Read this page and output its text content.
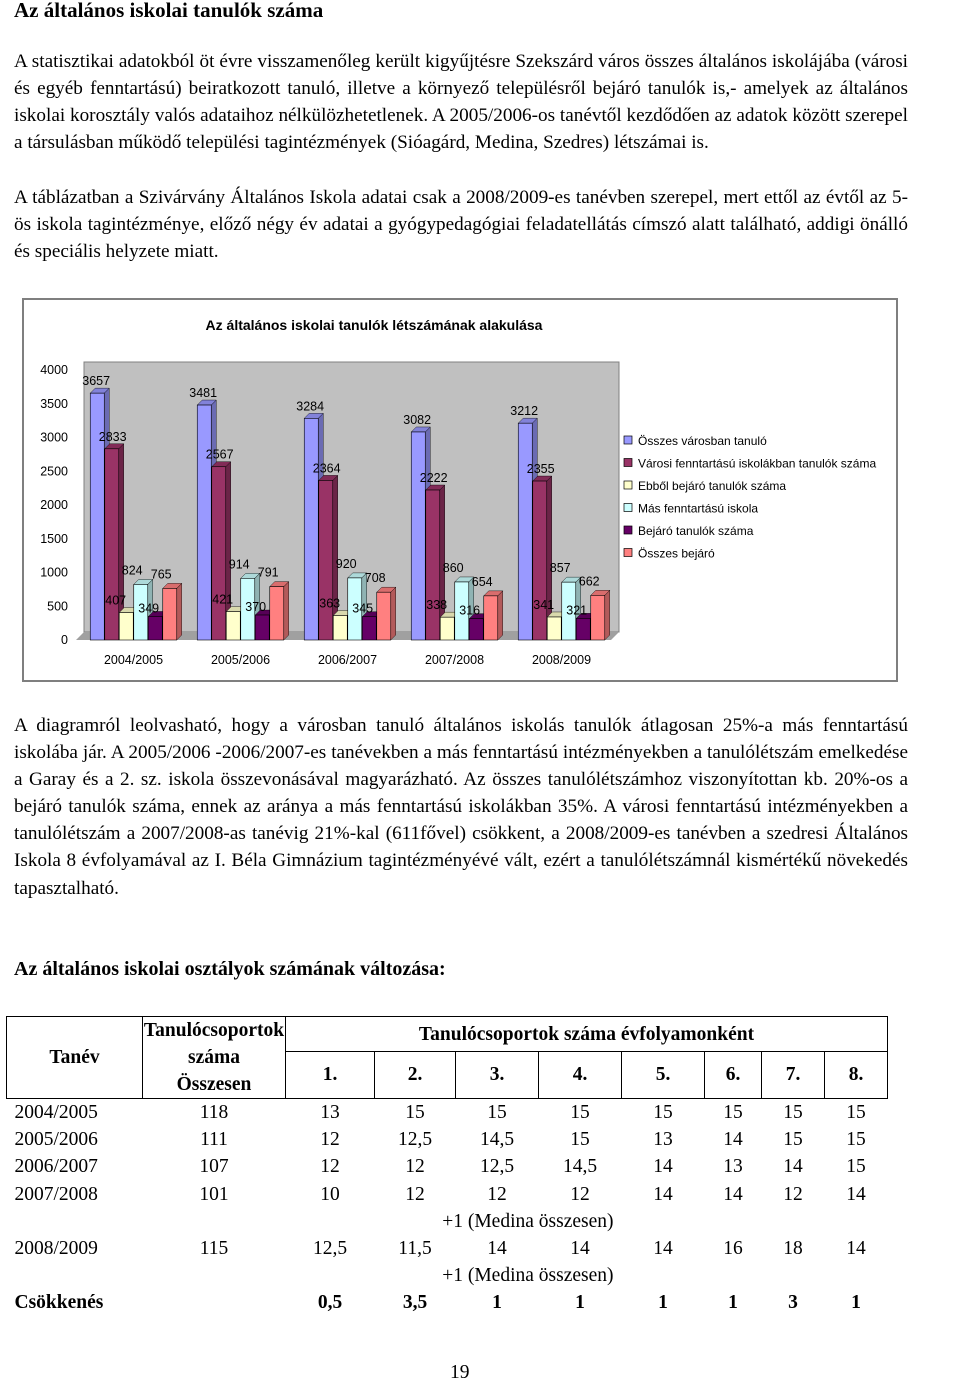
Az általános iskolai tanulók száma

A statisztikai adatokból öt évre visszamenőleg került kigyűjtésre Szekszárd város összes általános iskolájába (városi és egyéb fenntartású) beiratkozott tanuló, illetve a környező településről bejáró tanulók is,- amelyek az általános iskolai korosztály valós adataihoz nélkülözhetetlenek. A 2005/2006-os tanévtől kezdődően az adatok között szerepel a társulásban működő települési tagintézmények (Sióagárd, Medina, Szedres) létszámai is.

A táblázatban a Szivárvány Általános Iskola adatai csak a 2008/2009-es tanévben szerepel, mert ettől az évtől az 5-ös iskola tagintézménye, előző négy év adatai a gyógypedagógiai feladatellátás címszó alatt található, addigi önálló és speciális helyzete miatt.

Az általános iskolai tanulók létszámának alakulása
0
500
1000
1500
2000
2500
3000
3500
4000
3657
2833
407
824
349
765
2004/2005
3481
2567
421
914
370
791
2005/2006
3284
2364
363
920
345
708
2006/2007
3082
2222
338
860
316
654
2007/2008
3212
2355
341
857
321
662
2008/2009
Összes városban tanuló
Városi fenntartású iskolákban tanulók száma
Ebből bejáró tanulók száma
Más fenntartású iskola
Bejáró tanulók száma
Összes bejáró

A diagramról leolvasható, hogy a városban tanuló általános iskolás tanulók átlagosan 25%-a más fenntartású iskolába jár. A 2005/2006 -2006/2007-es tanévekben a más fenntartású intézményekben a tanulólétszám emelkedése a Garay és a 2. sz. iskola összevonásával magyarázható. Az összes tanulólétszámhoz viszonyítottan kb. 20%-os a bejáró tanulók száma, ennek az aránya a más fenntartású iskolákban 35%. A városi fenntartású intézményekben a tanulólétszám a 2007/2008-as tanévig 21%-kal (611fővel) csökkent, a 2008/2009-es tanévben a szedresi Általános Iskola 8 évfolyamával az I. Béla Gimnázium tagintézményévé vált, ezért a tanulólétszámnál kismértékű növekedés tapasztalható.

Az általános iskolai osztályok számának változása:
Tanév	Tanulócsoportok
száma
Összesen	Tanulócsoportok száma évfolyamonként							
		1.	2.	3.	4.	5.	6.	7.	8.
2004/2005	118	13	15	15	15	15	15	15	15
2005/2006	111	12	12,5	14,5	15	13	14	15	15
2006/2007	107	12	12	12,5	14,5	14	13	14	15
2007/2008	101	10	12	12	12	14	14	12	14
		+1 (Medina összesen)							
2008/2009	115	12,5	11,5	14	14	14	16	18	14
		+1 (Medina összesen)							
Csökkenés		0,5	3,5	1	1	1	1	3	1
19
